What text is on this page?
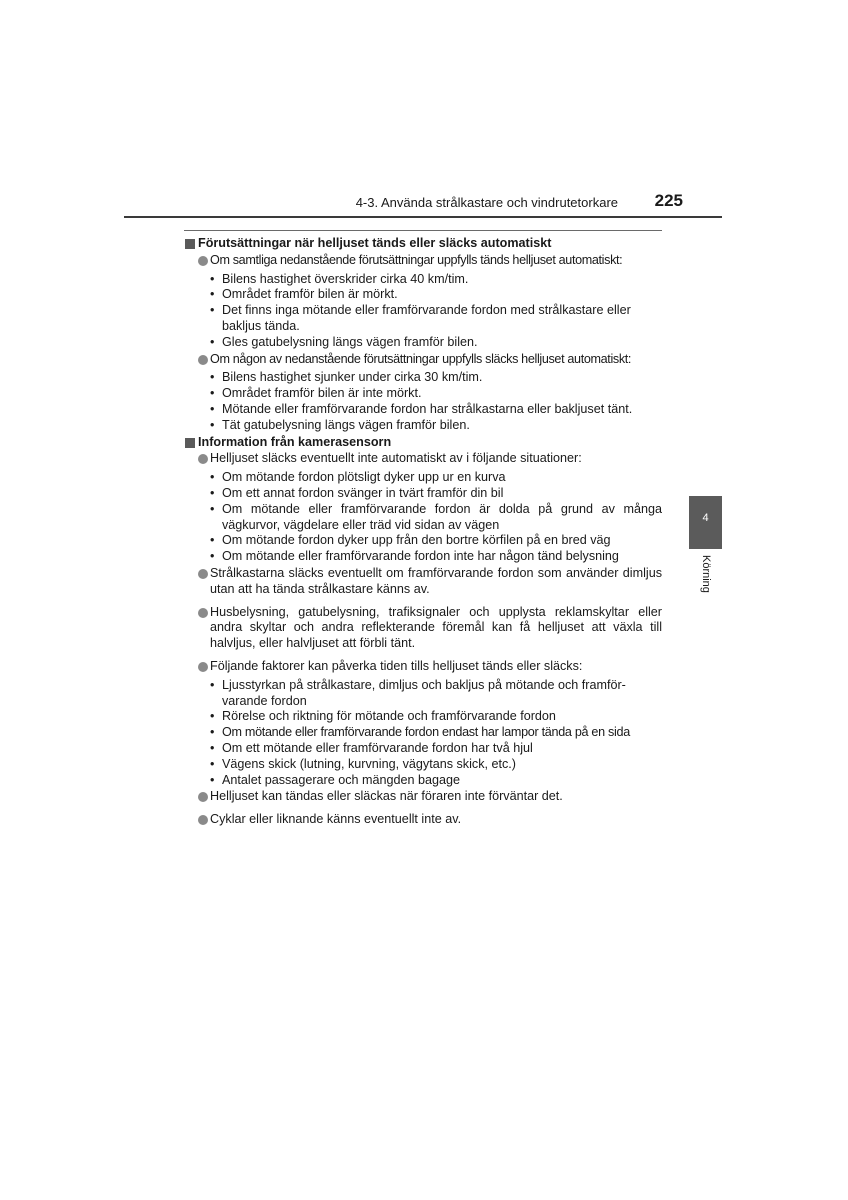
4-3. Använda strålkastare och vindrutetorkare	225
4
Körning
Förutsättningar när helljuset tänds eller släcks automatiskt
Om samtliga nedanstående förutsättningar uppfylls tänds helljuset automatiskt:
• Bilens hastighet överskrider cirka 40 km/tim.
• Området framför bilen är mörkt.
• Det finns inga mötande eller framförvarande fordon med strålkastare eller bakljus tända.
• Gles gatubelysning längs vägen framför bilen.
Om någon av nedanstående förutsättningar uppfylls släcks helljuset automatiskt:
• Bilens hastighet sjunker under cirka 30 km/tim.
• Området framför bilen är inte mörkt.
• Mötande eller framförvarande fordon har strålkastarna eller bakljuset tänt.
• Tät gatubelysning längs vägen framför bilen.
Information från kamerasensorn
Helljuset släcks eventuellt inte automatiskt av i följande situationer:
• Om mötande fordon plötsligt dyker upp ur en kurva
• Om ett annat fordon svänger in tvärt framför din bil
• Om mötande eller framförvarande fordon är dolda på grund av många vägkurvor, vägdelare eller träd vid sidan av vägen
• Om mötande fordon dyker upp från den bortre körfilen på en bred väg
• Om mötande eller framförvarande fordon inte har någon tänd belysning
Strålkastarna släcks eventuellt om framförvarande fordon som använder dimljus utan att ha tända strålkastare känns av.
Husbelysning, gatubelysning, trafiksignaler och upplysta reklamskyltar eller andra skyltar och andra reflekterande föremål kan få helljuset att växla till halvljus, eller halvljuset att förbli tänt.
Följande faktorer kan påverka tiden tills helljuset tänds eller släcks:
• Ljusstyrkan på strålkastare, dimljus och bakljus på mötande och framför-varande fordon
• Rörelse och riktning för mötande och framförvarande fordon
• Om mötande eller framförvarande fordon endast har lampor tända på en sida
• Om ett mötande eller framförvarande fordon har två hjul
• Vägens skick (lutning, kurvning, vägytans skick, etc.)
• Antalet passagerare och mängden bagage
Helljuset kan tändas eller släckas när föraren inte förväntar det.
Cyklar eller liknande känns eventuellt inte av.
